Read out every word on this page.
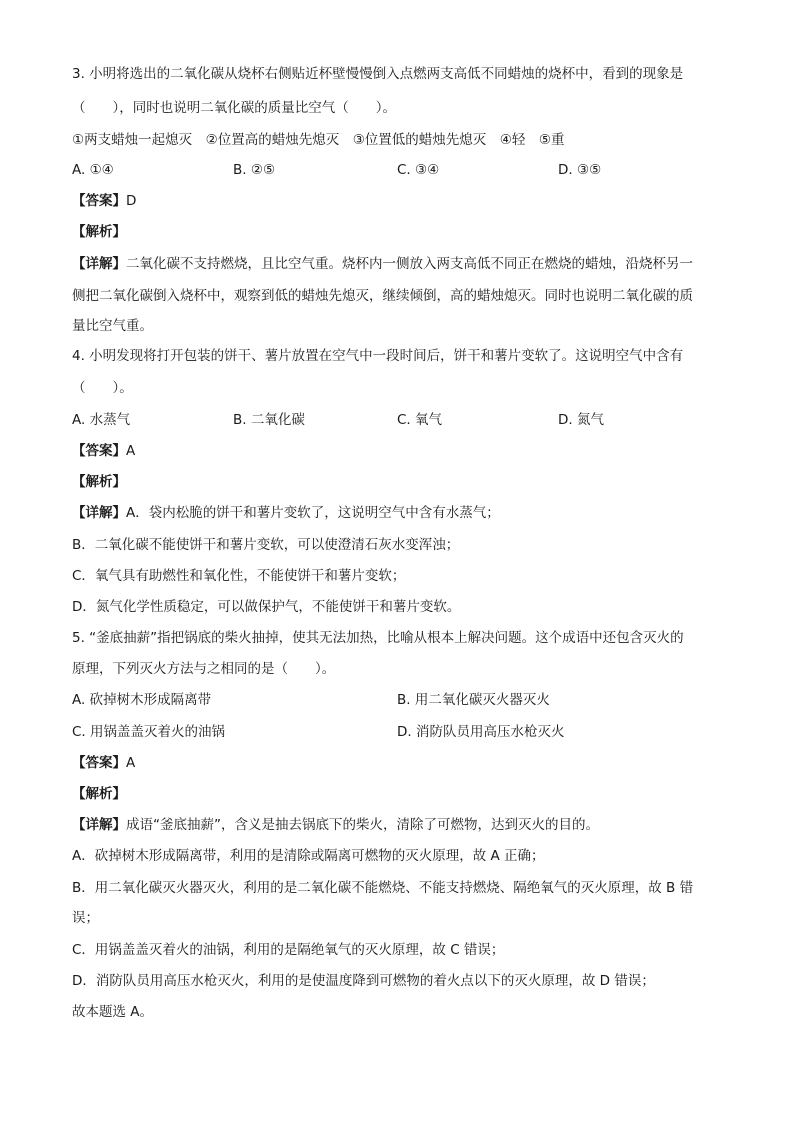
3. 小明将选出的二氧化碳从烧杯右侧贴近杯壁慢慢倒入点燃两支高低不同蜡烛的烧杯中，看到的现象是
（　　），同时也说明二氧化碳的质量比空气（　　）。
①两支蜡烛一起熄灭　②位置高的蜡烛先熄灭　③位置低的蜡烛先熄灭　④轻　⑤重
A. ①④	B. ②⑤	C. ③④	D. ③⑤
【答案】D
【解析】
【详解】二氧化碳不支持燃烧，且比空气重。烧杯内一侧放入两支高低不同正在燃烧的蜡烛，沿烧杯另一
侧把二氧化碳倒入烧杯中，观察到低的蜡烛先熄灭，继续倾倒，高的蜡烛熄灭。同时也说明二氧化碳的质
量比空气重。
4. 小明发现将打开包装的饼干、薯片放置在空气中一段时间后，饼干和薯片变软了。这说明空气中含有
（　　）。
A. 水蒸气	B. 二氧化碳	C. 氧气	D. 氮气
【答案】A
【解析】
【详解】A．袋内松脆的饼干和薯片变软了，这说明空气中含有水蒸气；
B．二氧化碳不能使饼干和薯片变软，可以使澄清石灰水变浑浊；
C．氧气具有助燃性和氧化性，不能使饼干和薯片变软；
D．氮气化学性质稳定，可以做保护气，不能使饼干和薯片变软。
5. “釜底抽薪”指把锅底的柴火抽掉，使其无法加热，比喻从根本上解决问题。这个成语中还包含灭火的
原理，下列灭火方法与之相同的是（　　）。
A. 砍掉树木形成隔离带	B. 用二氧化碳灭火器灭火
C. 用锅盖盖灭着火的油锅	D. 消防队员用高压水枪灭火
【答案】A
【解析】
【详解】成语“釜底抽薪”，含义是抽去锅底下的柴火，清除了可燃物，达到灭火的目的。
A．砍掉树木形成隔离带，利用的是清除或隔离可燃物的灭火原理，故 A 正确；
B．用二氧化碳灭火器灭火，利用的是二氧化碳不能燃烧、不能支持燃烧、隔绝氧气的灭火原理，故 B 错
误；
C．用锅盖盖灭着火的油锅，利用的是隔绝氧气的灭火原理，故 C 错误；
D．消防队员用高压水枪灭火，利用的是使温度降到可燃物的着火点以下的灭火原理，故 D 错误；
故本题选 A。
